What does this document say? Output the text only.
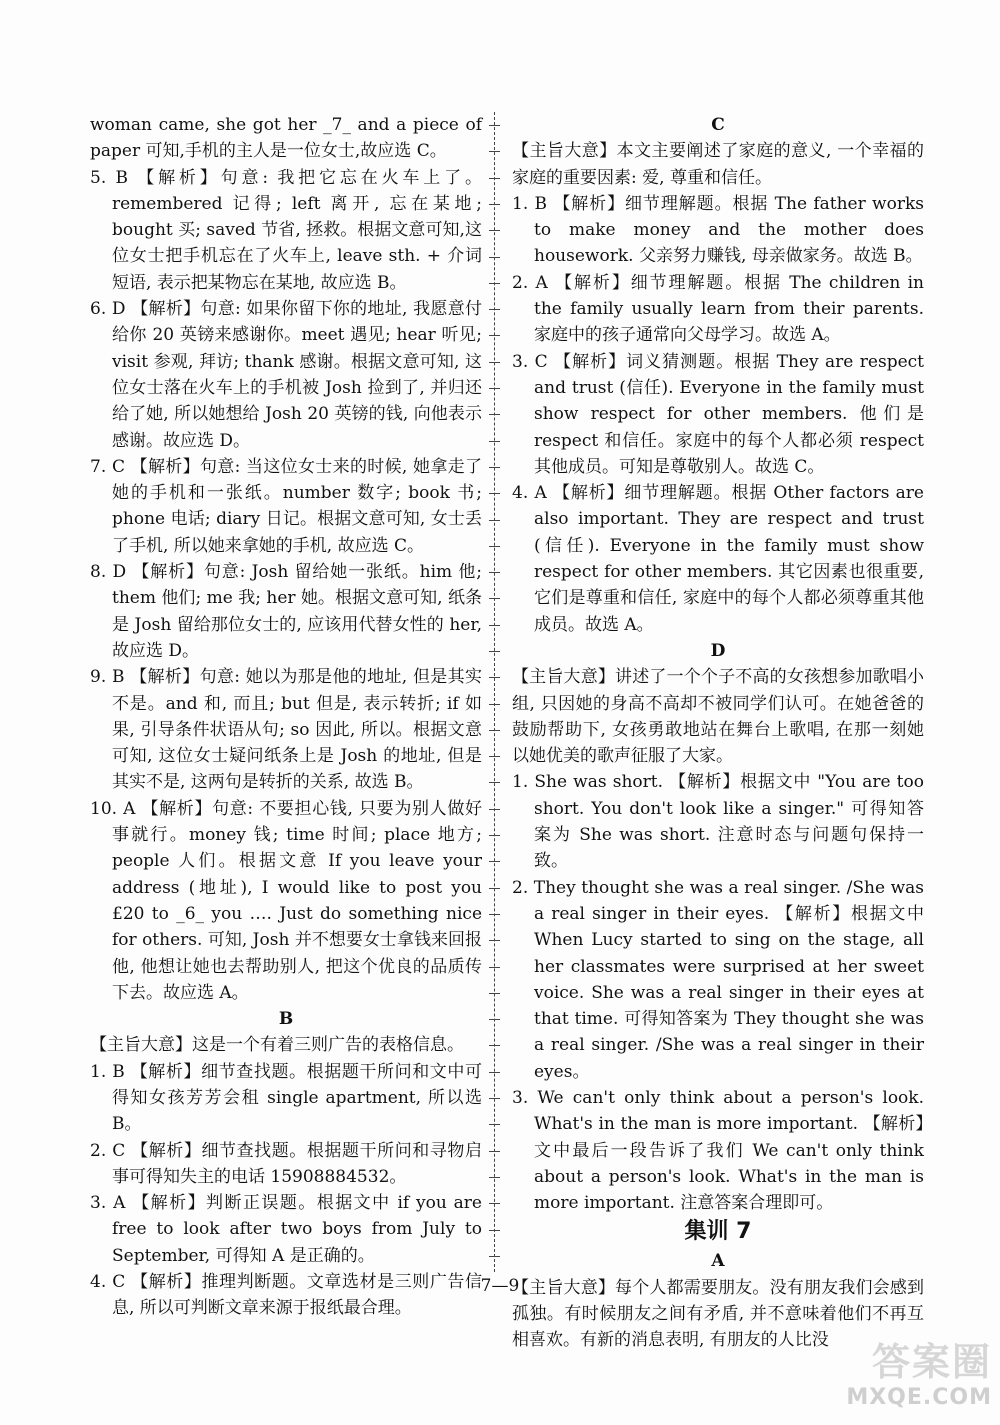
woman came, she got her _7_ and a piece of paper 可知,手机的主人是一位女士,故应选 C。

5. B 【解析】句意: 我把它忘在火车上了。remembered 记得; left 离开, 忘在某地; bought 买; saved 节省, 拯救。根据文意可知,这位女士把手机忘在了火车上, leave sth. + 介词短语, 表示把某物忘在某地, 故应选 B。

6. D 【解析】句意: 如果你留下你的地址, 我愿意付给你 20 英镑来感谢你。meet 遇见; hear 听见; visit 参观, 拜访; thank 感谢。根据文意可知, 这位女士落在火车上的手机被 Josh 捡到了, 并归还给了她, 所以她想给 Josh 20 英镑的钱, 向他表示感谢。故应选 D。

7. C 【解析】句意: 当这位女士来的时候, 她拿走了她的手机和一张纸。number 数字; book 书; phone 电话; diary 日记。根据文意可知, 女士丢了手机, 所以她来拿她的手机, 故应选 C。

8. D 【解析】句意: Josh 留给她一张纸。him 他; them 他们; me 我; her 她。根据文意可知, 纸条是 Josh 留给那位女士的, 应该用代替女性的 her, 故应选 D。

9. B 【解析】句意: 她以为那是他的地址, 但是其实不是。and 和, 而且; but 但是, 表示转折; if 如果, 引导条件状语从句; so 因此, 所以。根据文意可知, 这位女士疑问纸条上是 Josh 的地址, 但是其实不是, 这两句是转折的关系, 故选 B。

10. A 【解析】句意: 不要担心钱, 只要为别人做好事就行。money 钱; time 时间; place 地方; people 人们。根据文意 If you leave your address (地址), I would like to post you £20 to _6_ you …. Just do something nice for others. 可知, Josh 并不想要女士拿钱来回报他, 他想让她也去帮助别人, 把这个优良的品质传下去。故应选 A。

B

【主旨大意】这是一个有着三则广告的表格信息。

1. B 【解析】细节查找题。根据题干所问和文中可得知女孩芳芳会租 single apartment, 所以选 B。

2. C 【解析】细节查找题。根据题干所问和寻物启事可得知失主的电话 15908884532。

3. A 【解析】判断正误题。根据文中 if you are free to look after two boys from July to September, 可得知 A 是正确的。

4. C 【解析】推理判断题。文章选材是三则广告信息, 所以可判断文章来源于报纸最合理。

C

【主旨大意】本文主要阐述了家庭的意义, 一个幸福的家庭的重要因素: 爱, 尊重和信任。

1. B 【解析】细节理解题。根据 The father works to make money and the mother does housework. 父亲努力赚钱, 母亲做家务。故选 B。

2. A 【解析】细节理解题。根据 The children in the family usually learn from their parents. 家庭中的孩子通常向父母学习。故选 A。

3. C 【解析】词义猜测题。根据 They are respect and trust (信任). Everyone in the family must show respect for other members. 他们是 respect 和信任。家庭中的每个人都必须 respect 其他成员。可知是尊敬别人。故选 C。

4. A 【解析】细节理解题。根据 Other factors are also important. They are respect and trust (信任). Everyone in the family must show respect for other members. 其它因素也很重要, 它们是尊重和信任, 家庭中的每个人都必须尊重其他成员。故选 A。

D

【主旨大意】讲述了一个个子不高的女孩想参加歌唱小组, 只因她的身高不高却不被同学们认可。在她爸爸的鼓励帮助下, 女孩勇敢地站在舞台上歌唱, 在那一刻她以她优美的歌声征服了大家。

1. She was short. 【解析】根据文中 "You are too short. You don't look like a singer." 可得知答案为 She was short. 注意时态与问题句保持一致。

2. They thought she was a real singer. /She was a real singer in their eyes. 【解析】根据文中 When Lucy started to sing on the stage, all her classmates were surprised at her sweet voice. She was a real singer in their eyes at that time. 可得知答案为 They thought she was a real singer. /She was a real singer in their eyes。

3. We can't only think about a person's look. What's in the man is more important. 【解析】文中最后一段告诉了我们 We can't only think about a person's look. What's in the man is more important. 注意答案合理即可。

集训 7

A

【主旨大意】每个人都需要朋友。没有朋友我们会感到孤独。有时候朋友之间有矛盾, 并不意味着他们不再互相喜欢。有新的消息表明, 有朋友的人比没

7—9
答案圈
MXQE.COM
